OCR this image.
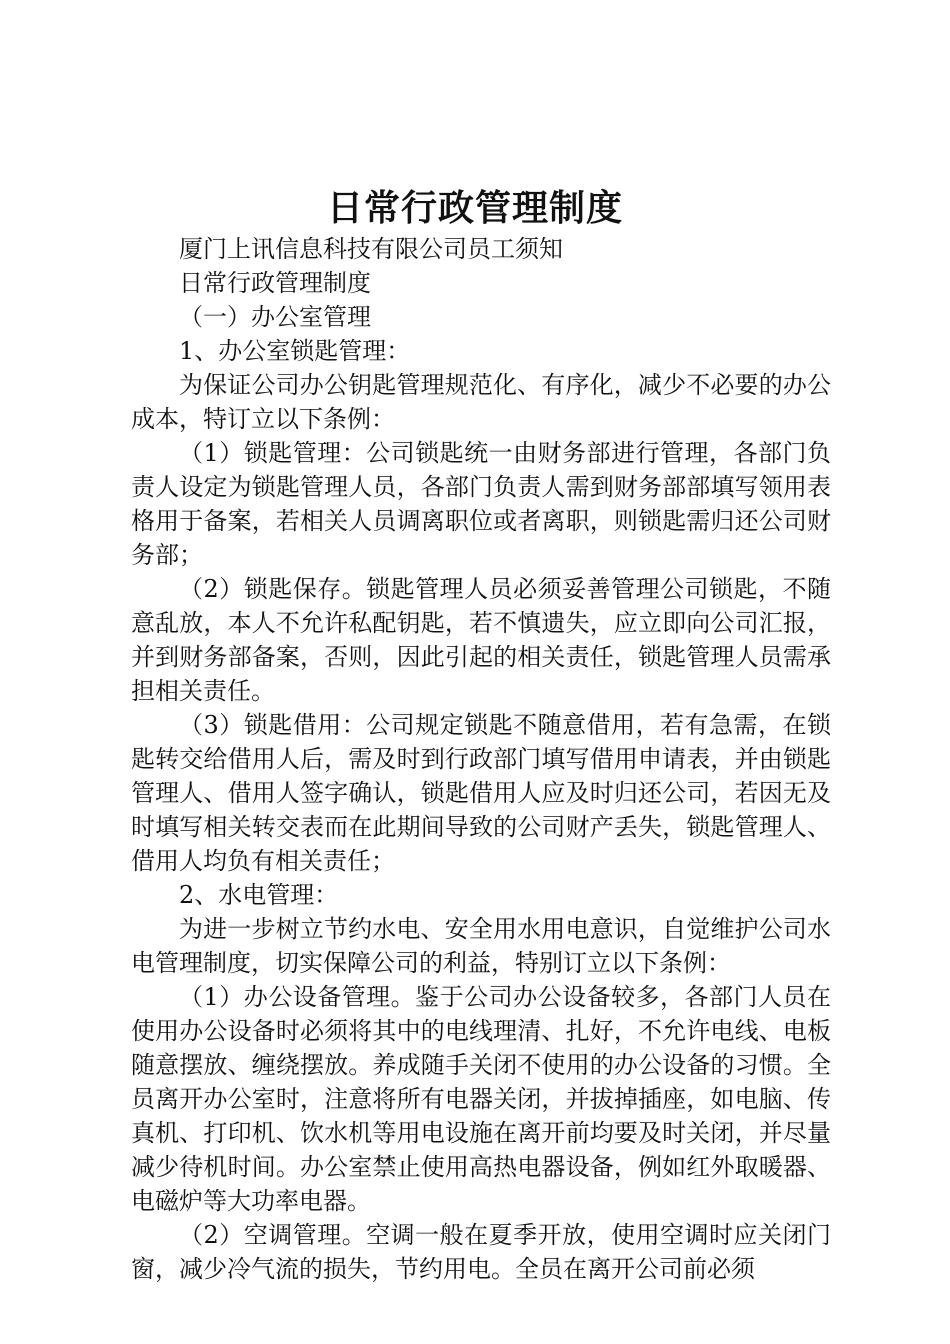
日常行政管理制度

厦门上讯信息科技有限公司员工须知

日常行政管理制度

（一）办公室管理

1、办公室锁匙管理：

为保证公司办公钥匙管理规范化、有序化，减少不必要的办公成本，特订立以下条例：

（1）锁匙管理：公司锁匙统一由财务部进行管理，各部门负责人设定为锁匙管理人员，各部门负责人需到财务部部填写领用表格用于备案，若相关人员调离职位或者离职，则锁匙需归还公司财务部；

（2）锁匙保存。锁匙管理人员必须妥善管理公司锁匙，不随意乱放，本人不允许私配钥匙，若不慎遗失，应立即向公司汇报，并到财务部备案，否则，因此引起的相关责任，锁匙管理人员需承担相关责任。

（3）锁匙借用：公司规定锁匙不随意借用，若有急需，在锁匙转交给借用人后，需及时到行政部门填写借用申请表，并由锁匙管理人、借用人签字确认，锁匙借用人应及时归还公司，若因无及时填写相关转交表而在此期间导致的公司财产丢失，锁匙管理人、借用人均负有相关责任；

2、水电管理：

为进一步树立节约水电、安全用水用电意识，自觉维护公司水电管理制度，切实保障公司的利益，特别订立以下条例：

（1）办公设备管理。鉴于公司办公设备较多，各部门人员在使用办公设备时必须将其中的电线理清、扎好，不允许电线、电板随意摆放、缠绕摆放。养成随手关闭不使用的办公设备的习惯。全员离开办公室时，注意将所有电器关闭，并拔掉插座，如电脑、传真机、打印机、饮水机等用电设施在离开前均要及时关闭，并尽量减少待机时间。办公室禁止使用高热电器设备，例如红外取暖器、电磁炉等大功率电器。

（2）空调管理。空调一般在夏季开放，使用空调时应关闭门窗，减少冷气流的损失，节约用电。全员在离开公司前必须
